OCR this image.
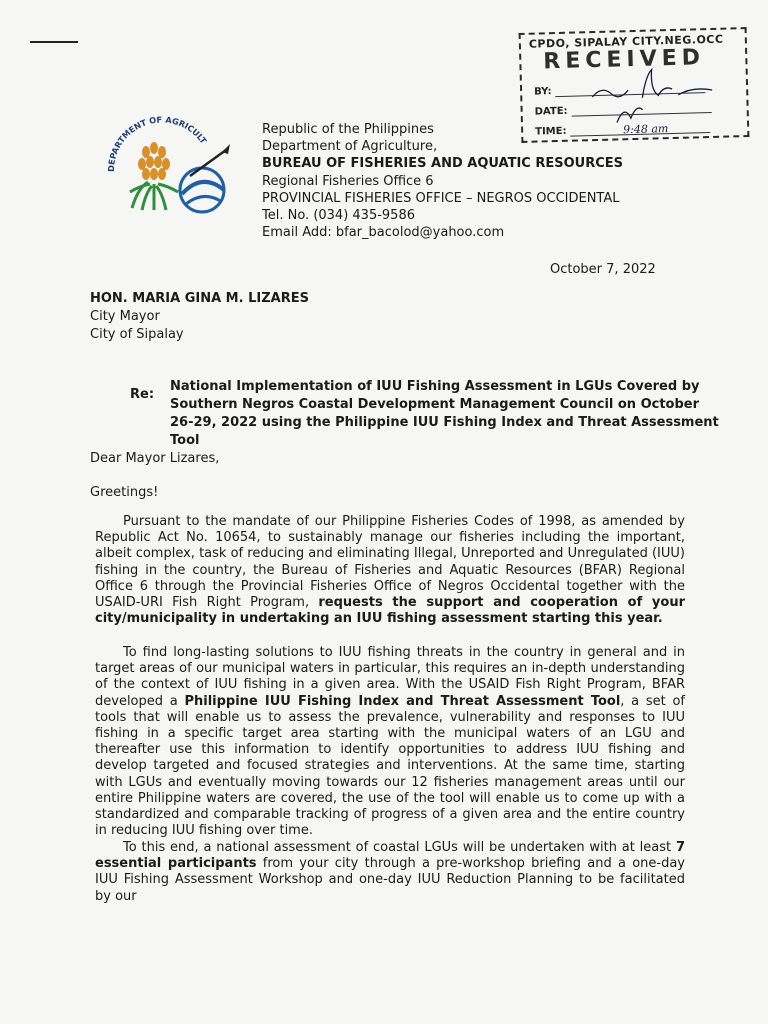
CPDO, SIPALAY CITY.NEG.OCC
RECEIVED
BY:
DATE:
TIME:	9:48 am
DEPARTMENT OF AGRICULT
Republic of the Philippines
Department of Agriculture,
BUREAU OF FISHERIES AND AQUATIC RESOURCES
Regional Fisheries Office 6
PROVINCIAL FISHERIES OFFICE – NEGROS OCCIDENTAL
Tel. No. (034) 435-9586
Email Add: bfar_bacolod@yahoo.com
October 7, 2022
HON. MARIA GINA M. LIZARES
City Mayor
City of Sipalay
Re:
National Implementation of IUU Fishing Assessment in LGUs Covered by Southern Negros Coastal Development Management Council on October 26-29, 2022 using the Philippine IUU Fishing Index and Threat Assessment Tool
Dear Mayor Lizares,
Greetings!
Pursuant to the mandate of our Philippine Fisheries Codes of 1998, as amended by Republic Act No. 10654, to sustainably manage our fisheries including the important, albeit complex, task of reducing and eliminating Illegal, Unreported and Unregulated (IUU) fishing in the country, the Bureau of Fisheries and Aquatic Resources (BFAR) Regional Office 6 through the Provincial Fisheries Office of Negros Occidental together with the USAID-URI Fish Right Program, requests the support and cooperation of your city/municipality in undertaking an IUU fishing assessment starting this year.
To find long-lasting solutions to IUU fishing threats in the country in general and in target areas of our municipal waters in particular, this requires an in-depth understanding of the context of IUU fishing in a given area. With the USAID Fish Right Program, BFAR developed a Philippine IUU Fishing Index and Threat Assessment Tool, a set of tools that will enable us to assess the prevalence, vulnerability and responses to IUU fishing in a specific target area starting with the municipal waters of an LGU and thereafter use this information to identify opportunities to address IUU fishing and develop targeted and focused strategies and interventions. At the same time, starting with LGUs and eventually moving towards our 12 fisheries management areas until our entire Philippine waters are covered, the use of the tool will enable us to come up with a standardized and comparable tracking of progress of a given area and the entire country in reducing IUU fishing over time.
To this end, a national assessment of coastal LGUs will be undertaken with at least 7 essential participants from your city through a pre-workshop briefing and a one-day IUU Fishing Assessment Workshop and one-day IUU Reduction Planning to be facilitated by our
